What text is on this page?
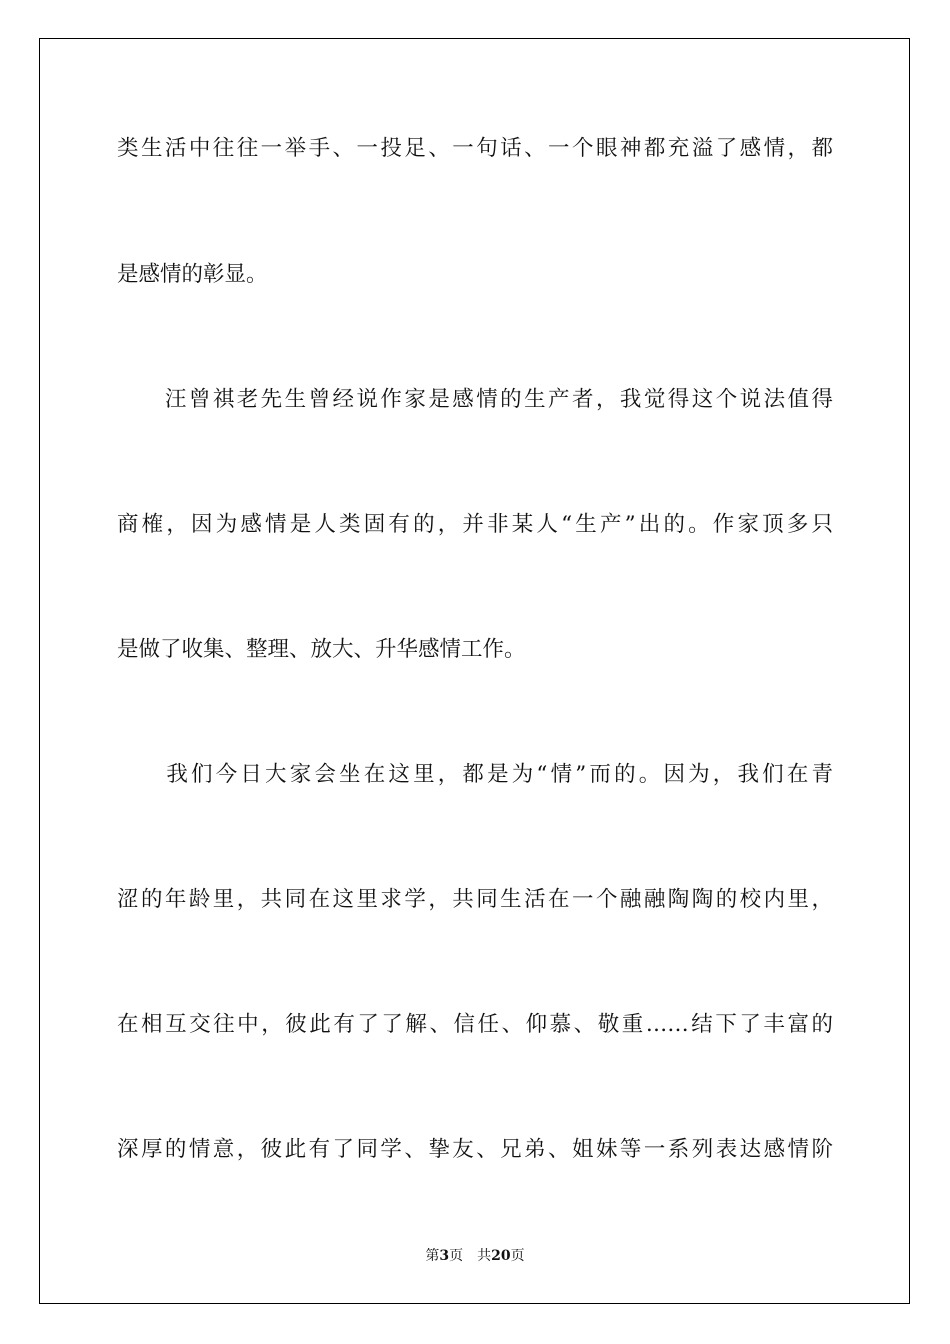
类生活中往往一举手、一投足、一句话、一个眼神都充溢了感情，都
是感情的彰显。
　　汪曾祺老先生曾经说作家是感情的生产者，我觉得这个说法值得
商榷，因为感情是人类固有的，并非某人“生产”出的。作家顶多只
是做了收集、整理、放大、升华感情工作。
　　我们今日大家会坐在这里，都是为“情”而的。因为，我们在青
涩的年龄里，共同在这里求学，共同生活在一个融融陶陶的校内里，
在相互交往中，彼此有了了解、信任、仰慕、敬重……结下了丰富的
深厚的情意，彼此有了同学、挚友、兄弟、姐妹等一系列表达感情阶
第3页 共20页
